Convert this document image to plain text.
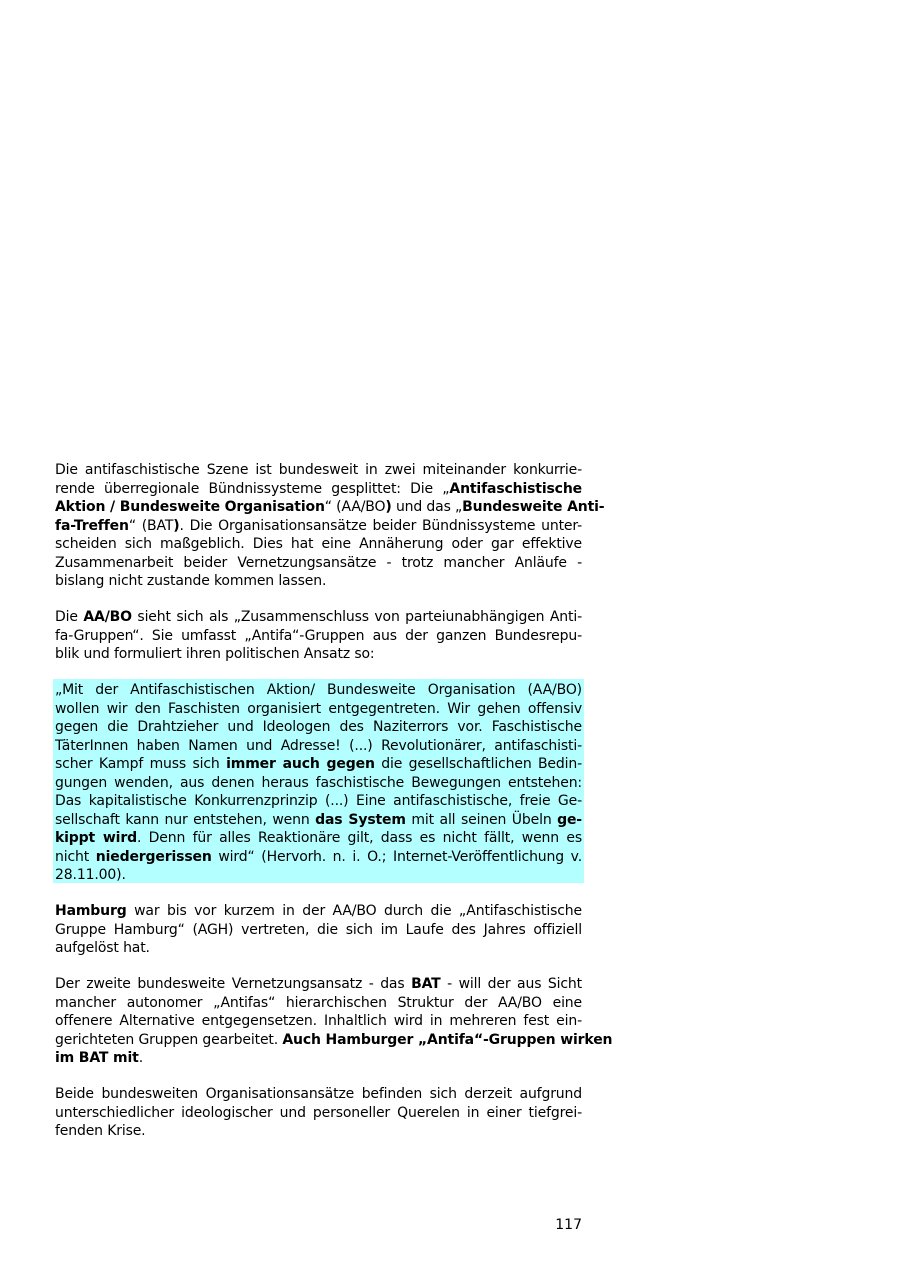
Die antifaschistische Szene ist bundesweit in zwei miteinander konkurrie-
rende überregionale Bündnissysteme gesplittet: Die „Antifaschistische
Aktion / Bundesweite Organisation“ (AA/BO) und das „Bundesweite Anti-
fa-Treffen“ (BAT). Die Organisationsansätze beider Bündnissysteme unter-
scheiden sich maßgeblich. Dies hat eine Annäherung oder gar effektive
Zusammenarbeit beider Vernetzungsansätze - trotz mancher Anläufe -
bislang nicht zustande kommen lassen.
Die AA/BO sieht sich als „Zusammenschluss von parteiunabhängigen Anti-
fa-Gruppen“. Sie umfasst „Antifa“-Gruppen aus der ganzen Bundesrepu-
blik und formuliert ihren politischen Ansatz so:
„Mit der Antifaschistischen Aktion/ Bundesweite Organisation (AA/BO)
wollen wir den Faschisten organisiert entgegentreten. Wir gehen offensiv
gegen die Drahtzieher und Ideologen des Naziterrors vor. Faschistische
TäterInnen haben Namen und Adresse! (...) Revolutionärer, antifaschisti-
scher Kampf muss sich immer auch gegen die gesellschaftlichen Bedin-
gungen wenden, aus denen heraus faschistische Bewegungen entstehen:
Das kapitalistische Konkurrenzprinzip (...) Eine antifaschistische, freie Ge-
sellschaft kann nur entstehen, wenn das System mit all seinen Übeln ge-
kippt wird. Denn für alles Reaktionäre gilt, dass es nicht fällt, wenn es
nicht niedergerissen wird“ (Hervorh. n. i. O.; Internet-Veröffentlichung v.
28.11.00).
Hamburg war bis vor kurzem in der AA/BO durch die „Antifaschistische
Gruppe Hamburg“ (AGH) vertreten, die sich im Laufe des Jahres offiziell
aufgelöst hat.
Der zweite bundesweite Vernetzungsansatz - das BAT - will der aus Sicht
mancher autonomer „Antifas“ hierarchischen Struktur der AA/BO eine
offenere Alternative entgegensetzen. Inhaltlich wird in mehreren fest ein-
gerichteten Gruppen gearbeitet. Auch Hamburger „Antifa“-Gruppen wirken
im BAT mit.
Beide bundesweiten Organisationsansätze befinden sich derzeit aufgrund
unterschiedlicher ideologischer und personeller Querelen in einer tiefgrei-
fenden Krise.
117
